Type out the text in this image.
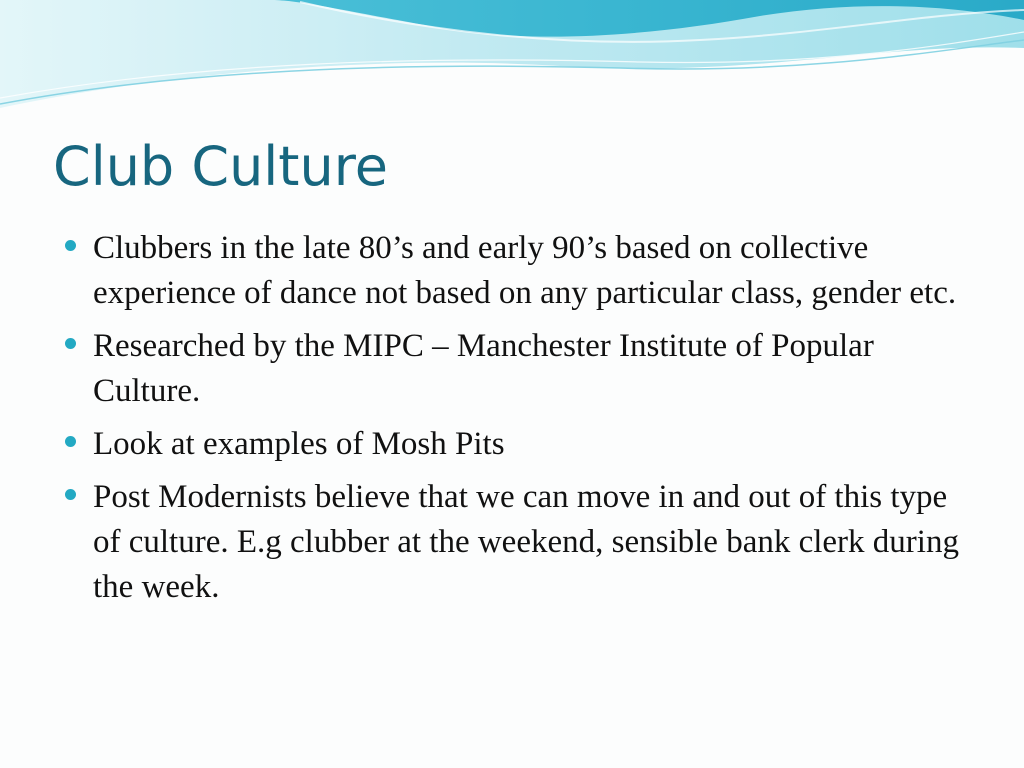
Club Culture
Clubbers in the late 80’s and early 90’s based on collective experience of dance not based on any particular class, gender etc.
Researched by the MIPC – Manchester Institute of Popular Culture.
Look at examples of Mosh Pits
Post Modernists believe that we can move in and out of this type of culture. E.g clubber at the weekend, sensible bank clerk during the week.
